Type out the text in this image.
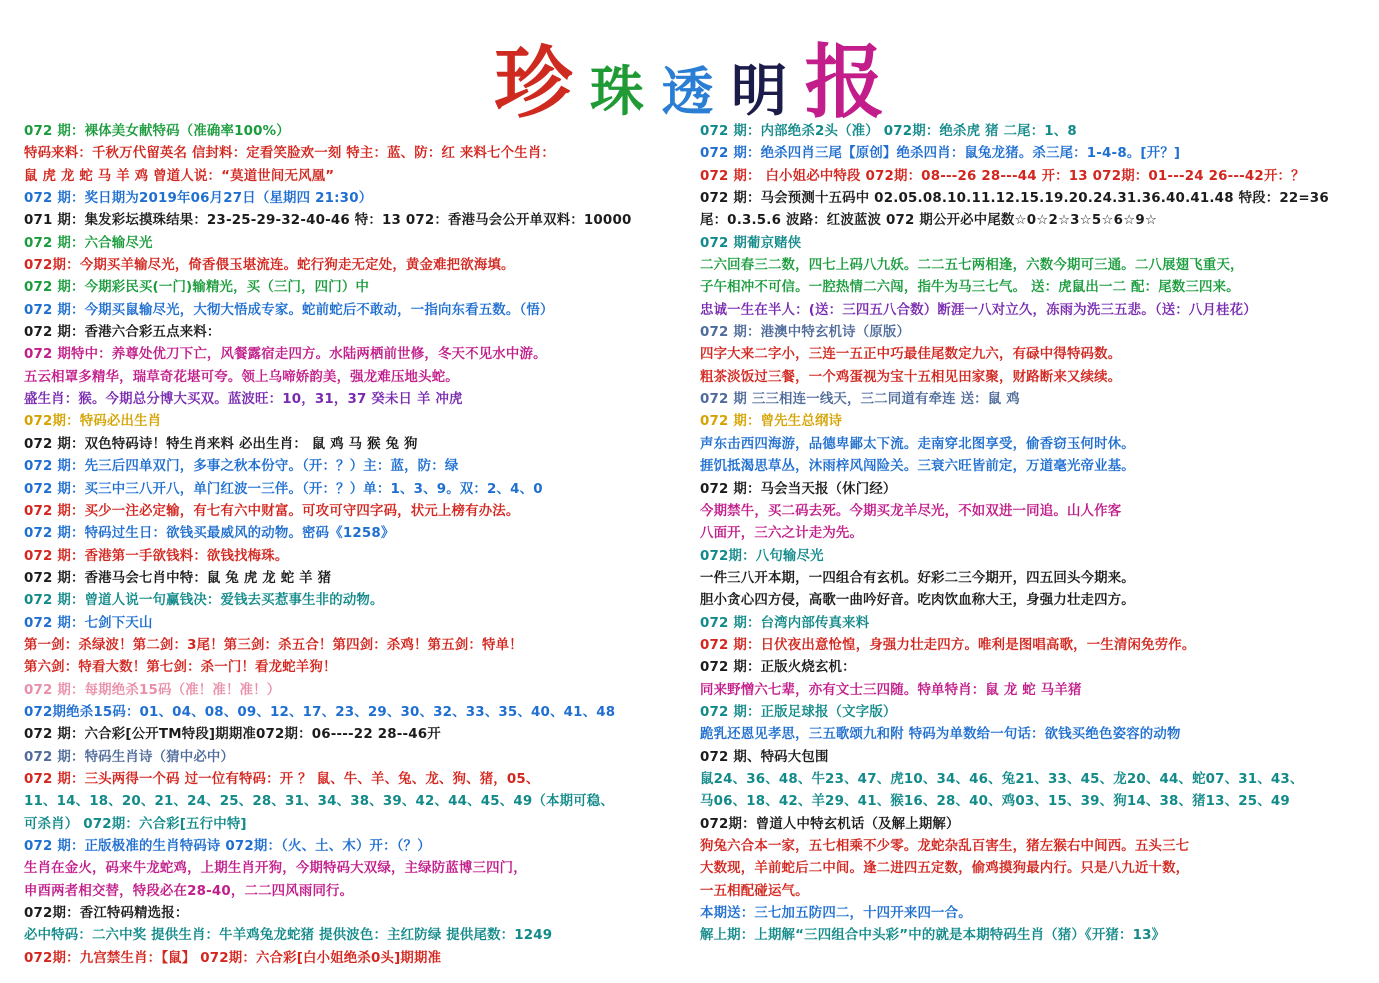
珍 珠 透 明 报
072 期：裸体美女献特码（准确率100%）
特码来料：千秋万代留英名 信封料：定看笑脸欢一刻 特主：蓝、防：红 来料七个生肖：
鼠 虎 龙 蛇 马 羊 鸡 曾道人说：“莫道世间无风凰”
072 期：奖日期为2019年06月27日（星期四 21:30）
071 期：集发彩坛摸珠结果：23-25-29-32-40-46 特：13 072：香港马会公开单双料：10000
072 期：六合输尽光
072期：今期买羊输尽光，倚香偎玉堪流连。蛇行狗走无定处，黄金难把欲海填。
072 期：今期彩民买(一门)输精光，买（三门，四门）中
072 期：今期买鼠输尽光，大彻大悟成专家。蛇前蛇后不敢动，一指向东看五数。（悟）
072 期：香港六合彩五点来料：
072 期特中：养尊处优刀下亡，风餐露宿走四方。水陆两栖前世修，冬天不见水中游。
五云相罩多精华，瑞草奇花堪可夸。领上乌啼娇韵美，强龙难压地头蛇。
盛生肖：猴。今期总分博大买双。蓝波旺：10，31，37 癸未日 羊 冲虎
072期：特码必出生肖
072 期：双色特码诗！特生肖来料 必出生肖： 鼠 鸡 马 猴 兔 狗
072 期：先三后四单双门，多事之秋本份守。（开：？）主：蓝，防：绿
072 期：买三中三八开八，单门红波一三伴。（开：？）单：1、3、9。双：2、4、0
072 期：买少一注必定输，有七有六中财富。可攻可守四字码，状元上榜有办法。
072 期：特码过生日：欲钱买最威风的动物。密码《1258》
072 期：香港第一手欲钱料：欲钱找梅珠。
072 期：香港马会七肖中特：鼠 兔 虎 龙 蛇 羊 猪
072 期：曾道人说一句赢钱决：爱钱去买惹事生非的动物。
072 期：七剑下天山
第一剑：杀绿波！第二剑：3尾！第三剑：杀五合！第四剑：杀鸡！第五剑：特单！
第六剑：特看大数！第七剑：杀一门！看龙蛇羊狗！
072 期：每期绝杀15码（准！准！准！）
072期绝杀15码：01、04、08、09、12、17、23、29、30、32、33、35、40、41、48
072 期：六合彩[公开TM特段]期期准072期：06----22 28--46开
072 期：特码生肖诗（猜中必中）
072 期：三头两得一个码 过一位有特码：开 ？ 鼠、牛、羊、兔、龙、狗、猪，05、
11、14、18、20、21、24、25、28、31、34、38、39、42、44、45、49（本期可稳、
可杀肖） 072期：六合彩[五行中特]
072 期：正版极准的生肖特码诗 072期：（火、土、木）开：（？）
生肖在金火，码来牛龙蛇鸡，上期生肖开狗，今期特码大双绿，主绿防蓝博三四门，
申酉两者相交替，特段必在28-40，二二四风雨同行。
072期：香江特码精选报：
必中特码：二六中奖 提供生肖：牛羊鸡兔龙蛇猪 提供波色：主红防绿 提供尾数：1249
072期：九宫禁生肖：【鼠】 072期：六合彩[白小姐绝杀0头]期期准
072 期：内部绝杀2头（准） 072期：绝杀虎 猪 二尾：1、8
072 期：绝杀四肖三尾【原创】绝杀四肖：鼠兔龙猪。杀三尾：1-4-8。[开？]
072 期： 白小姐必中特段 072期：08---26 28---44 开：13 072期：01---24 26---42开：？
072 期：马会预测十五码中 02.05.08.10.11.12.15.19.20.24.31.36.40.41.48 特段：22=36
尾：0.3.5.6 波路：红波蓝波 072 期公开必中尾数☆0☆2☆3☆5☆6☆9☆
072 期葡京赌侠
二六回春三二数，四七上码八九妖。二二五七两相逢，六数今期可三通。二八展翅飞重天，
子午相冲不可信。一腔热情二六闯，指牛为马三七气。 送：虎鼠出一二 配：尾数三四来。
忠诚一生在半人：(送：三四五八合数）断涯一八对立久，冻雨为洗三五悲。（送：八月桂花）
072 期：港澳中特玄机诗（原版）
四字大来二字小，三连一五正中巧最佳尾数定九六，有碌中得特码数。
粗茶淡饭过三餐，一个鸡蛋视为宝十五相见田家聚，财路断来又续续。
072 期 三三相连一线天，三二同道有牵连 送：鼠 鸡
072 期：曾先生总纲诗
声东击西四海游，品德卑鄙太下流。走南穿北图享受，偷香窃玉何时休。
捱饥抵渴思草丛，沐雨梓风闯险关。三衰六旺皆前定，万道毫光帝业基。
072 期：马会当天报（休门经）
今期禁牛，买二码去死。今期买龙羊尽光，不如双进一同追。山人作客
八面开，三六之计走为先。
072期：八句输尽光
一件三八开本期，一四组合有玄机。好彩二三今期开，四五回头今期来。
胆小贪心四方侵，高歌一曲吟好音。吃肉饮血称大王，身强力壮走四方。
072 期：台湾内部传真来料
072 期：日伏夜出意怆惶，身强力壮走四方。唯利是图唱高歌，一生清闲免劳作。
072 期：正版火烧玄机：
同来野憎六七辈，亦有文士三四随。特单特肖：鼠 龙 蛇 马羊猪
072 期：正版足球报（文字版）
跪乳还恩见孝思，三五歌颂九和附 特码为单数给一句话：欲钱买绝色姿容的动物
072 期、特码大包围
鼠24、36、48、牛23、47、虎10、34、46、兔21、33、45、龙20、44、蛇07、31、43、
马06、18、42、羊29、41、猴16、28、40、鸡03、15、39、狗14、38、猪13、25、49
072期：曾道人中特玄机话（及解上期解）
狗兔六合本一家，五七相乘不少零。龙蛇杂乱百害生，猪左猴右中间西。五头三七
大数现，羊前蛇后二中间。逢二进四五定数，偷鸡摸狗最内行。只是八九近十数，
一五相配碰运气。
本期送：三七加五防四二，十四开来四一合。
解上期：上期解“三四组合中头彩”中的就是本期特码生肖（猪）《开猪：13》
